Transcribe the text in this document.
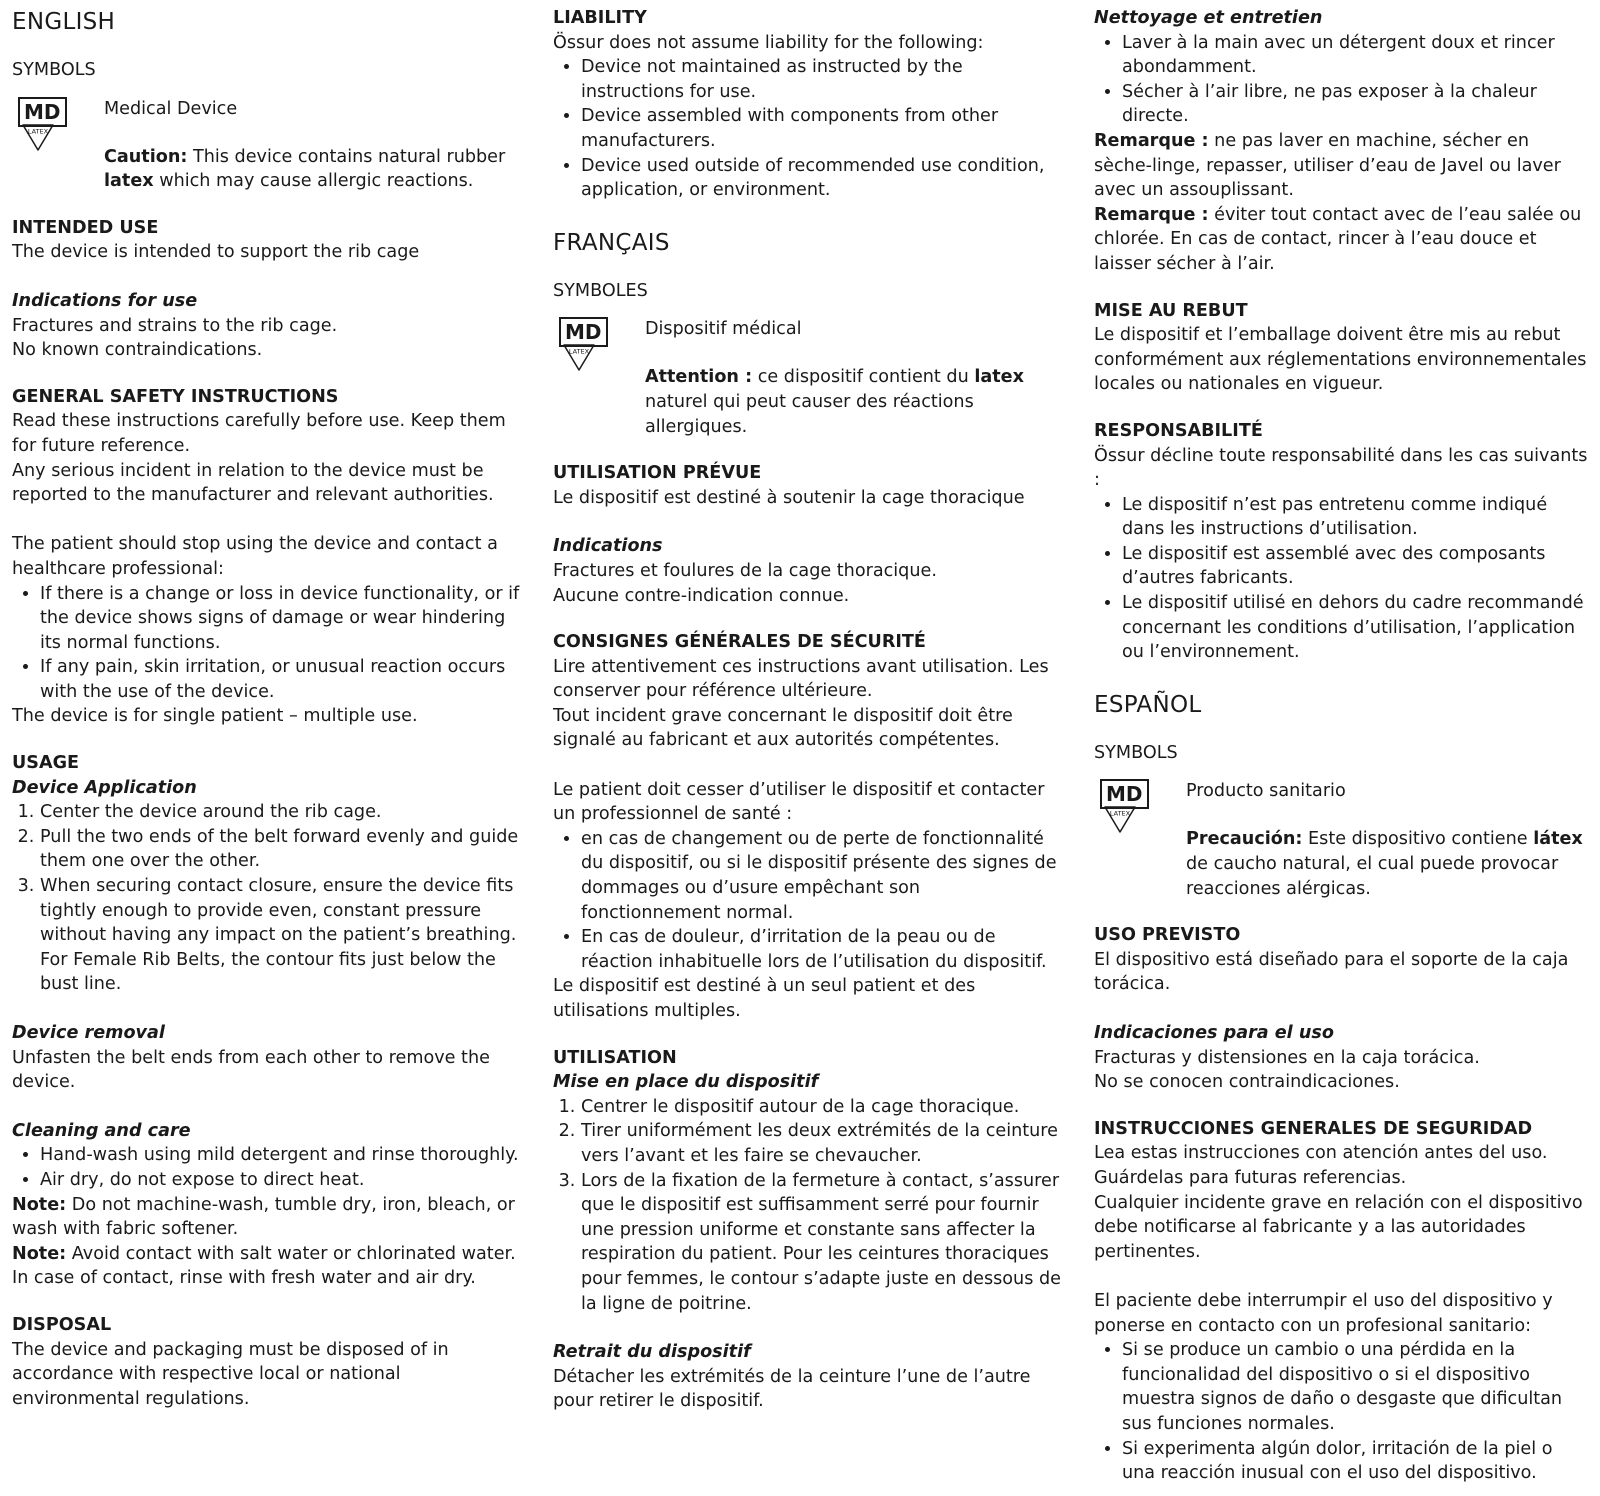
ENGLISH

SYMBOLS

MD	Medical Device
LATEX
Caution: This device contains natural rubber latex which may cause allergic reactions.
INTENDED USE

The device is intended to support the rib cage

Indications for use

Fractures and strains to the rib cage.

No known contraindications.

GENERAL SAFETY INSTRUCTIONS

Read these instructions carefully before use. Keep them for future reference.

Any serious incident in relation to the device must be reported to the manufacturer and relevant authorities.

The patient should stop using the device and contact a healthcare professional:

• If there is a change or loss in device functionality, or if the device shows signs of damage or wear hindering its normal functions.
• If any pain, skin irritation, or unusual reaction occurs with the use of the device.

The device is for single patient – multiple use.

USAGE

Device Application

1. Center the device around the rib cage.
2. Pull the two ends of the belt forward evenly and guide them one over the other.
3. When securing contact closure, ensure the device fits tightly enough to provide even, constant pressure without having any impact on the patient’s breathing. For Female Rib Belts, the contour fits just below the bust line.

Device removal

Unfasten the belt ends from each other to remove the device.

Cleaning and care

• Hand-wash using mild detergent and rinse thoroughly.
• Air dry, do not expose to direct heat.

Note: Do not machine-wash, tumble dry, iron, bleach, or wash with fabric softener.

Note: Avoid contact with salt water or chlorinated water. In case of contact, rinse with fresh water and air dry.

DISPOSAL

The device and packaging must be disposed of in accordance with respective local or national environmental regulations.

LIABILITY

Össur does not assume liability for the following:

• Device not maintained as instructed by the instructions for use.
• Device assembled with components from other manufacturers.
• Device used outside of recommended use condition, application, or environment.
FRANÇAIS

SYMBOLES

MD	Dispositif médical
LATEX
Attention : ce dispositif contient du latex naturel qui peut causer des réactions allergiques.
UTILISATION PRÉVUE

Le dispositif est destiné à soutenir la cage thoracique

Indications

Fractures et foulures de la cage thoracique.

Aucune contre-indication connue.

CONSIGNES GÉNÉRALES DE SÉCURITÉ

Lire attentivement ces instructions avant utilisation. Les conserver pour référence ultérieure.

Tout incident grave concernant le dispositif doit être signalé au fabricant et aux autorités compétentes.

Le patient doit cesser d’utiliser le dispositif et contacter un professionnel de santé :

• en cas de changement ou de perte de fonctionnalité du dispositif, ou si le dispositif présente des signes de dommages ou d’usure empêchant son fonctionnement normal.
• En cas de douleur, d’irritation de la peau ou de réaction inhabituelle lors de l’utilisation du dispositif.

Le dispositif est destiné à un seul patient et des utilisations multiples.

UTILISATION

Mise en place du dispositif

1. Centrer le dispositif autour de la cage thoracique.
2. Tirer uniformément les deux extrémités de la ceinture vers l’avant et les faire se chevaucher.
3. Lors de la fixation de la fermeture à contact, s’assurer que le dispositif est suffisamment serré pour fournir une pression uniforme et constante sans affecter la respiration du patient. Pour les ceintures thoraciques pour femmes, le contour s’adapte juste en dessous de la ligne de poitrine.

Retrait du dispositif

Détacher les extrémités de la ceinture l’une de l’autre pour retirer le dispositif.

Nettoyage et entretien

• Laver à la main avec un détergent doux et rincer abondamment.
• Sécher à l’air libre, ne pas exposer à la chaleur directe.

Remarque : ne pas laver en machine, sécher en sèche-linge, repasser, utiliser d’eau de Javel ou laver avec un assouplissant.

Remarque : éviter tout contact avec de l’eau salée ou chlorée. En cas de contact, rincer à l’eau douce et laisser sécher à l’air.

MISE AU REBUT

Le dispositif et l’emballage doivent être mis au rebut conformément aux réglementations environnementales locales ou nationales en vigueur.

RESPONSABILITÉ

Össur décline toute responsabilité dans les cas suivants :

• Le dispositif n’est pas entretenu comme indiqué dans les instructions d’utilisation.
• Le dispositif est assemblé avec des composants d’autres fabricants.
• Le dispositif utilisé en dehors du cadre recommandé concernant les conditions d’utilisation, l’application ou l’environnement.
ESPAÑOL

SYMBOLS

MD	Producto sanitario
LATEX
Precaución: Este dispositivo contiene látex de caucho natural, el cual puede provocar reacciones alérgicas.
USO PREVISTO

El dispositivo está diseñado para el soporte de la caja torácica.

Indicaciones para el uso

Fracturas y distensiones en la caja torácica.

No se conocen contraindicaciones.

INSTRUCCIONES GENERALES DE SEGURIDAD

Lea estas instrucciones con atención antes del uso. Guárdelas para futuras referencias.

Cualquier incidente grave en relación con el dispositivo debe notificarse al fabricante y a las autoridades pertinentes.

El paciente debe interrumpir el uso del dispositivo y ponerse en contacto con un profesional sanitario:

• Si se produce un cambio o una pérdida en la funcionalidad del dispositivo o si el dispositivo muestra signos de daño o desgaste que dificultan sus funciones normales.
• Si experimenta algún dolor, irritación de la piel o una reacción inusual con el uso del dispositivo.
